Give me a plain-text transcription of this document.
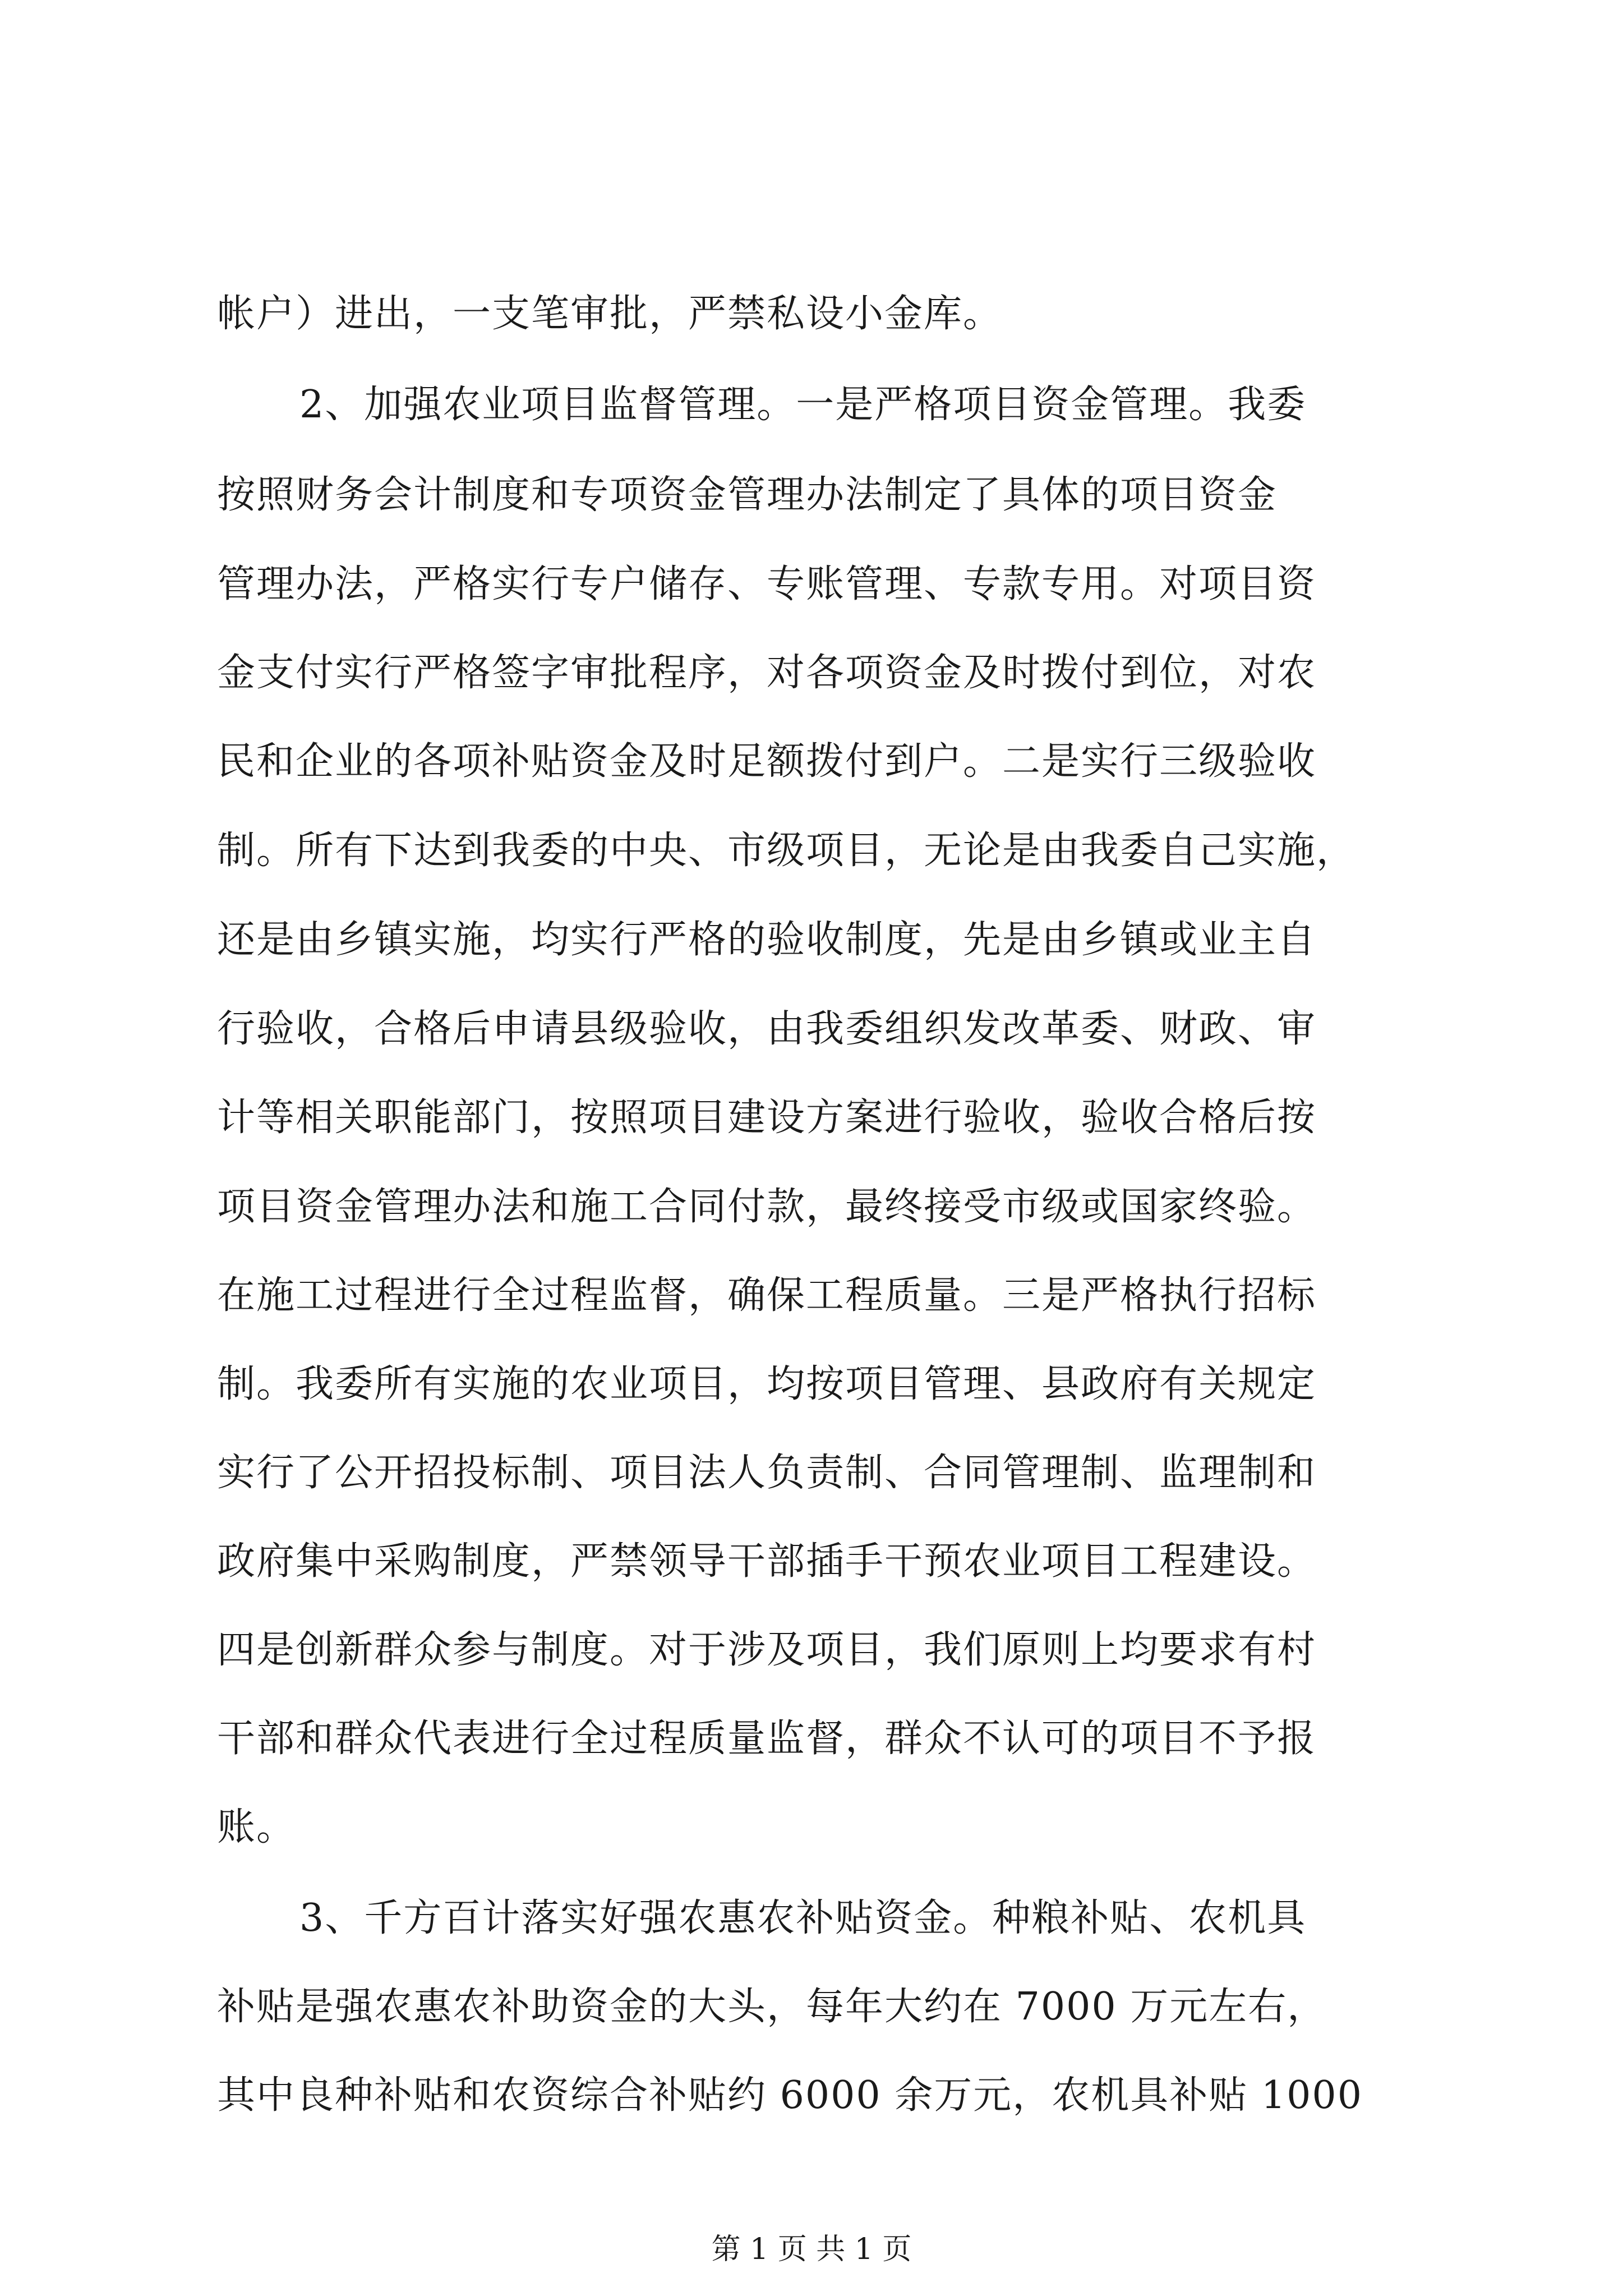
帐户）进出，一支笔审批，严禁私设小金库。
2、加强农业项目监督管理。一是严格项目资金管理。我委
按照财务会计制度和专项资金管理办法制定了具体的项目资金
管理办法，严格实行专户储存、专账管理、专款专用。对项目资
金支付实行严格签字审批程序，对各项资金及时拨付到位，对农
民和企业的各项补贴资金及时足额拨付到户。二是实行三级验收
制。所有下达到我委的中央、市级项目，无论是由我委自己实施，
还是由乡镇实施，均实行严格的验收制度，先是由乡镇或业主自
行验收，合格后申请县级验收，由我委组织发改革委、财政、审
计等相关职能部门，按照项目建设方案进行验收，验收合格后按
项目资金管理办法和施工合同付款，最终接受市级或国家终验。
在施工过程进行全过程监督，确保工程质量。三是严格执行招标
制。我委所有实施的农业项目，均按项目管理、县政府有关规定
实行了公开招投标制、项目法人负责制、合同管理制、监理制和
政府集中采购制度，严禁领导干部插手干预农业项目工程建设。
四是创新群众参与制度。对于涉及项目，我们原则上均要求有村
干部和群众代表进行全过程质量监督，群众不认可的项目不予报
账。
3、千方百计落实好强农惠农补贴资金。种粮补贴、农机具
补贴是强农惠农补助资金的大头，每年大约在 7000 万元左右，
其中良种补贴和农资综合补贴约 6000 余万元，农机具补贴 1000
第 1 页 共 1 页
